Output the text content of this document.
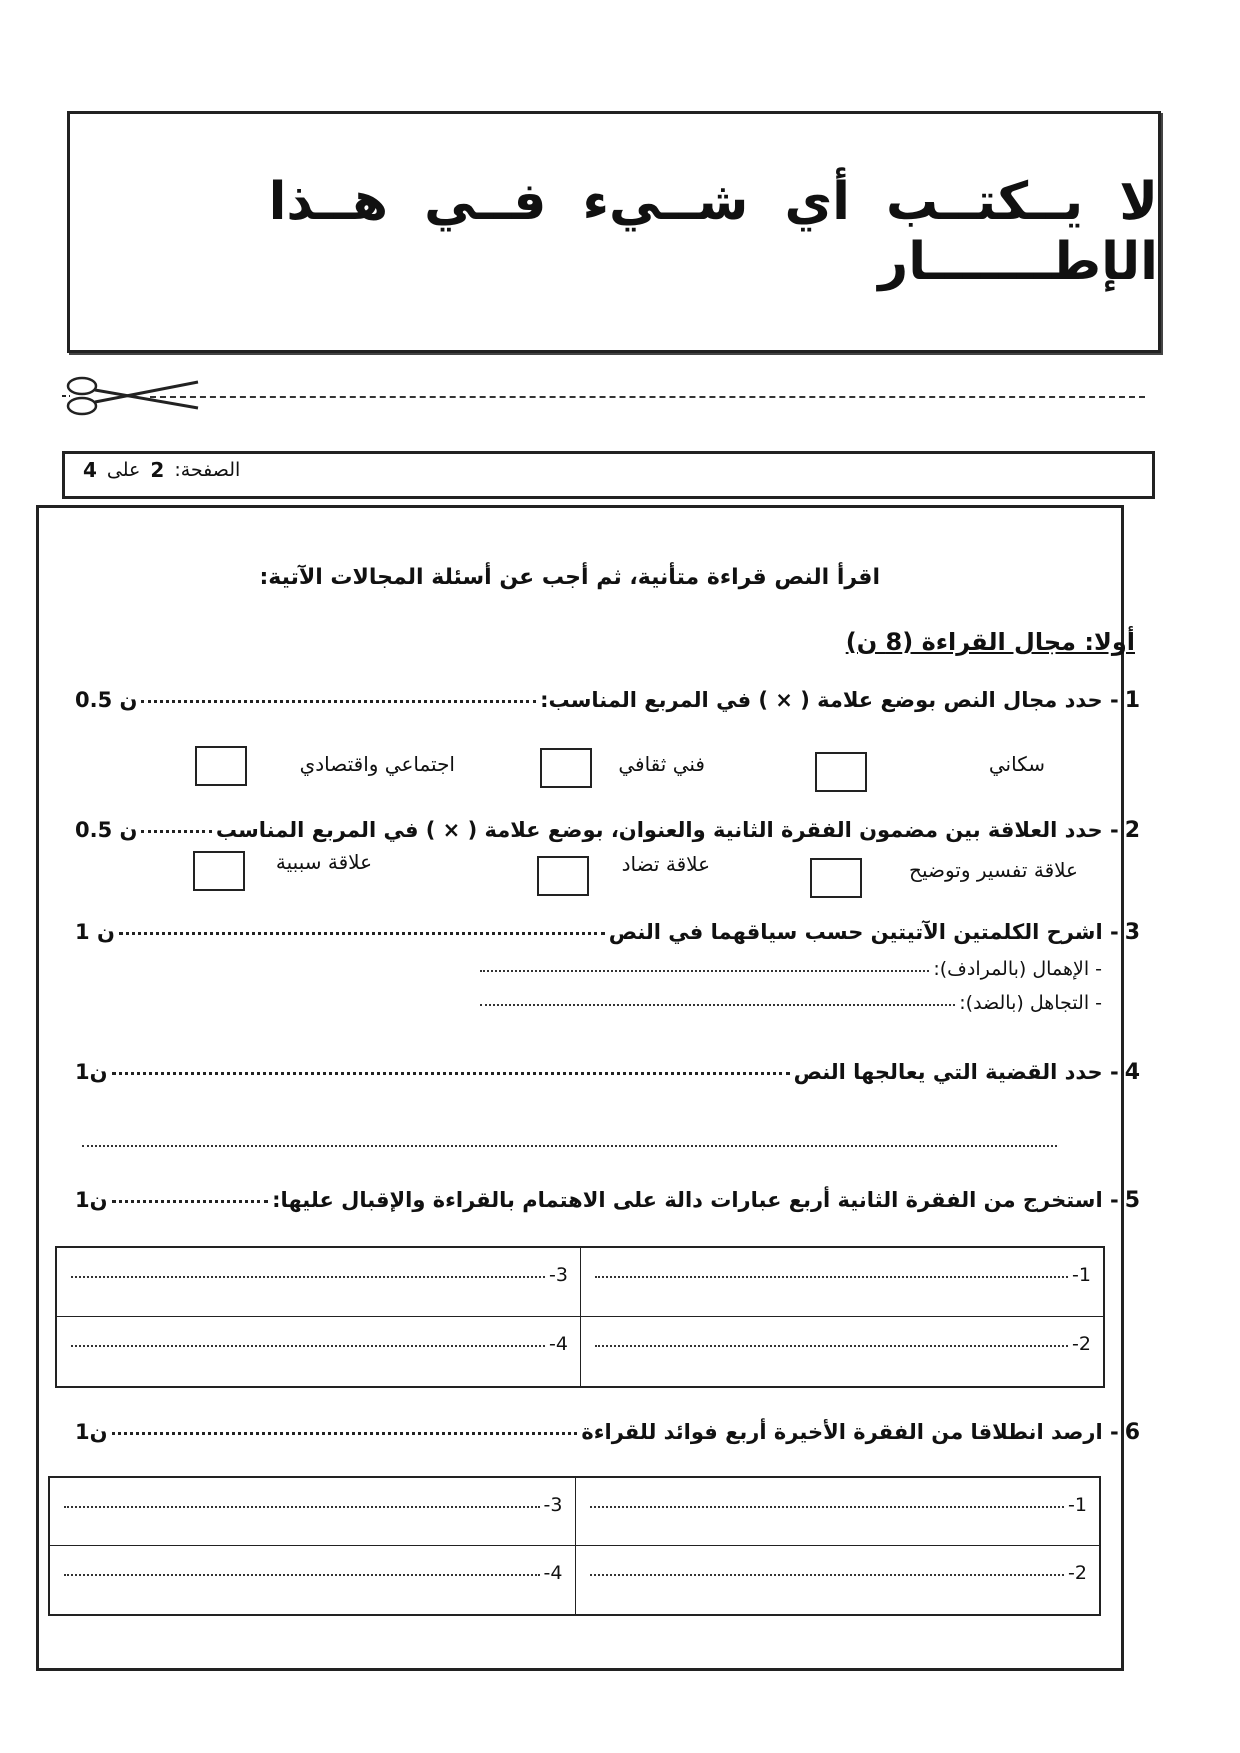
لا يــكتــب أي شــيء فــي هــذا الإطـــــــار
الصفحة:
2
على
4
اقرأ النص قراءة متأنية، ثم أجب عن أسئلة المجالات الآتية:
أولا: مجال القراءة (8 ن)
1
- حدد مجال النص بوضع علامة ( × ) في المربع المناسب:
0.5 ن
سكاني
فني ثقافي
اجتماعي واقتصادي
2
- حدد العلاقة بين مضمون الفقرة الثانية والعنوان، بوضع علامة ( × ) في المربع المناسب
0.5 ن
علاقة تفسير وتوضيح
علاقة تضاد
علاقة سببية
3
- اشرح الكلمتين الآتيتين حسب سياقهما في النص
1 ن
- الإهمال (بالمرادف):
- التجاهل (بالضد):
4
- حدد القضية التي يعالجها النص
1ن
5
- استخرج من الفقرة الثانية أربع عبارات دالة على الاهتمام بالقراءة والإقبال عليها:
1ن
-1
-3
-2
-4
6
- ارصد انطلاقا من الفقرة الأخيرة أربع فوائد للقراءة
1ن
-1
-3
-2
-4
